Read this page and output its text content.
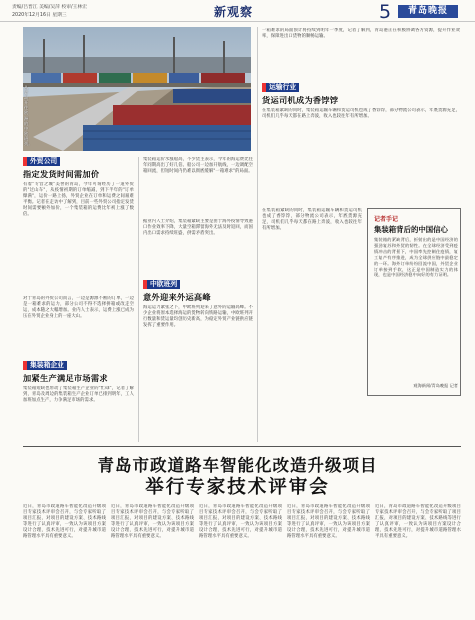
责编/吕晋江 美编/吴萍 校审/王林宏
2020年12月16日 星期三	新观察	5	青岛晚报
从青岛开往欧洲的中欧班列。
外贸公司
指定发货时间需加价
有着"专营之城"美誉的青岛，今年可谓经历了一道外贸的"过山车"，从疫情初期的订单缩减，到下半年的"订单爆满"，运价一路上扬，外贸企业在订单和运费之间艰难平衡。记者在走访中了解到，目前一些外贸公司指定发货时间需要额外加价，一个集装箱的运费比年初上涨了数倍。
对于青岛的外贸公司而言，一边是源源不断的订单，一边是一箱难求的运力，部分公司不得不选择拼箱或改走空运，成本随之大幅增加。业内人士表示，运费上涨已成为压在外贸企业身上的一座大山。
集装箱企业
加紧生产满足市场需求
集装箱短缺也带动了集装箱生产企业的"忙碌"，记者了解到，青岛及周边的集装箱生产企业订单已排到明年，工人加班加点生产，力争满足市场的需求。
集装箱运价水涨船高，不少货主表示，今年的海运费比往年同期高出了好几倍。船公司一边加开航线，一边调配空箱回流，但短时间内仍难以彻底缓解"一箱难求"的局面。
据业内人士介绍，集装箱紧缺主要是由于海外疫情导致港口作业效率下降，大量空箱滞留海外无法及时返回，而国内出口需求持续旺盛，供需矛盾突出。
中欧班列
意外迎来外运高峰
海运运力紧张之下，中欧班列迎来了意外的运输高峰。不少企业将原本选择海运的货物转向铁路运输，中欧班列开行数量和货运量均创历史新高，为稳定外贸产业链供应链发挥了重要作用。
一箱难求的局面预计将持续到明年一季度，记者了解到，青岛港正在积极协调各方资源，提升作业效率，保障进出口货物的顺畅运输。
运输行业
货运司机成为香饽饽
在集装箱紧缺的同时，集装箱运输车辆和货运司机也成了香饽饽，部分物流公司表示，年底货源充足，司机们几乎每天都在路上奔波，收入也较往年有所增加。
在集装箱紧缺的同时，集装箱运输车辆和货运司机也成了香饽饽，部分物流公司表示，年底货源充足，司机们几乎每天都在路上奔波，收入也较往年有所增加。
记者手记
集装箱背后的中国信心
集装箱的紧缺背后，折射出的是中国经济的强劲复苏和外贸的韧性。在全球经济受到疫情冲击的背景下，中国率先控制住疫情，复工复产有序推进，成为全球供应链中最稳定的一环。海外订单纷纷回流中国，外贸企业订单接到手软，这正是中国制造实力的体现，也是中国经济稳中向好的有力证明。
观海新闻/青岛晚报 记者
青岛市政道路车智能化改造升级项目
举行专家技术评审会
近日，青岛市政道路车智能化改造升级项目专家技术评审会召开，与会专家听取了项目汇报，对项目的建设方案、技术路线等进行了认真评审，一致认为该项目方案设计合理，技术先进可行，对提升城市道路管理水平具有重要意义。
近日，青岛市政道路车智能化改造升级项目专家技术评审会召开，与会专家听取了项目汇报，对项目的建设方案、技术路线等进行了认真评审，一致认为该项目方案设计合理，技术先进可行，对提升城市道路管理水平具有重要意义。
近日，青岛市政道路车智能化改造升级项目专家技术评审会召开，与会专家听取了项目汇报，对项目的建设方案、技术路线等进行了认真评审，一致认为该项目方案设计合理，技术先进可行，对提升城市道路管理水平具有重要意义。
近日，青岛市政道路车智能化改造升级项目专家技术评审会召开，与会专家听取了项目汇报，对项目的建设方案、技术路线等进行了认真评审，一致认为该项目方案设计合理，技术先进可行，对提升城市道路管理水平具有重要意义。
近日，青岛市政道路车智能化改造升级项目专家技术评审会召开，与会专家听取了项目汇报，对项目的建设方案、技术路线等进行了认真评审，一致认为该项目方案设计合理，技术先进可行，对提升城市道路管理水平具有重要意义。
